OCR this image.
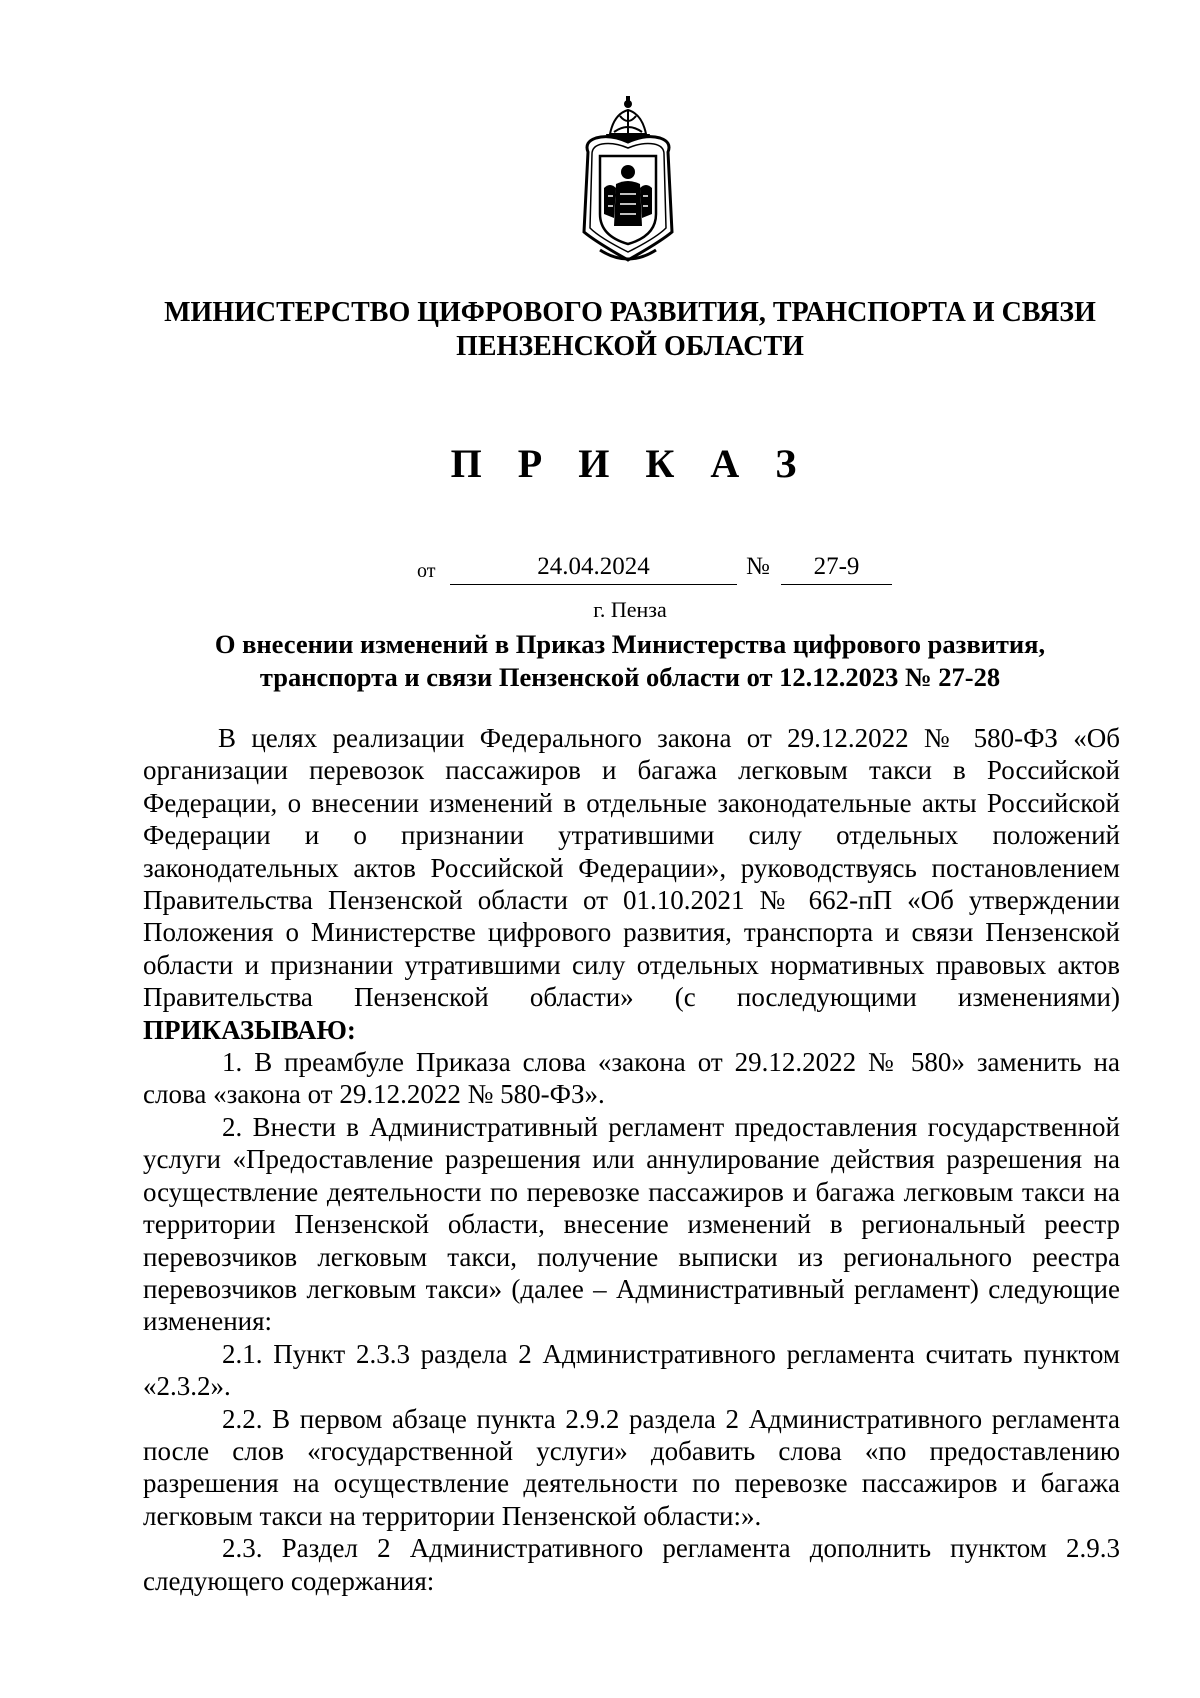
МИНИСТЕРСТВО ЦИФРОВОГО РАЗВИТИЯ, ТРАНСПОРТА И СВЯЗИ
ПЕНЗЕНСКОЙ ОБЛАСТИ
П Р И К А З
от	24.04.2024	№	27-9
г. Пенза
О внесении изменений в Приказ Министерства цифрового развития,
транспорта и связи Пензенской области от 12.12.2023 № 27-28

В целях реализации Федерального закона от 29.12.2022 № 580-ФЗ «Об организации перевозок пассажиров и багажа легковым такси в Российской Федерации, о внесении изменений в отдельные законодательные акты Российской Федерации и о признании утратившими силу отдельных положений законодательных актов Российской Федерации», руководствуясь постановлением Правительства Пензенской области от 01.10.2021 № 662-пП «Об утверждении Положения о Министерстве цифрового развития, транспорта и связи Пензенской области и признании утратившими силу отдельных нормативных правовых актов Правительства Пензенской области» (с последующими изменениями) ПРИКАЗЫВАЮ:

1. В преамбуле Приказа слова «закона от 29.12.2022 № 580» заменить на слова «закона от 29.12.2022 № 580-ФЗ».

2. Внести в Административный регламент предоставления государственной услуги «Предоставление разрешения или аннулирование действия разрешения на осуществление деятельности по перевозке пассажиров и багажа легковым такси на территории Пензенской области, внесение изменений в региональный реестр перевозчиков легковым такси, получение выписки из регионального реестра перевозчиков легковым такси» (далее – Административный регламент) следующие изменения:

2.1. Пункт 2.3.3 раздела 2 Административного регламента считать пунктом «2.3.2».

2.2. В первом абзаце пункта 2.9.2 раздела 2 Административного регламента после слов «государственной услуги» добавить слова «по предоставлению разрешения на осуществление деятельности по перевозке пассажиров и багажа легковым такси на территории Пензенской области:».

2.3. Раздел 2 Административного регламента дополнить пунктом 2.9.3 следующего содержания:
